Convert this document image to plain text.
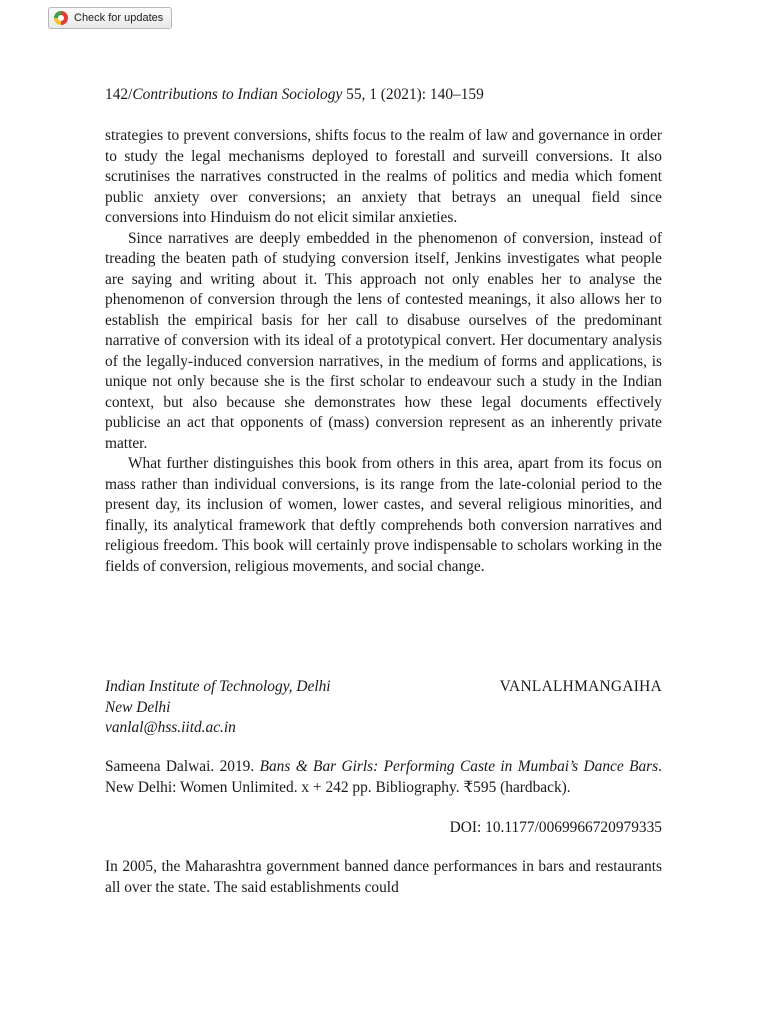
Check for updates
142/Contributions to Indian Sociology 55, 1 (2021): 140–159

strategies to prevent conversions, shifts focus to the realm of law and governance in order to study the legal mechanisms deployed to forestall and surveill conversions. It also scrutinises the narratives constructed in the realms of politics and media which foment public anxiety over conversions; an anxiety that betrays an unequal field since conversions into Hinduism do not elicit similar anxieties.

Since narratives are deeply embedded in the phenomenon of conversion, instead of treading the beaten path of studying conversion itself, Jenkins investigates what people are saying and writing about it. This approach not only enables her to analyse the phenomenon of conversion through the lens of contested meanings, it also allows her to establish the empirical basis for her call to disabuse ourselves of the predominant narrative of conversion with its ideal of a prototypical convert. Her documentary analysis of the legally-induced conversion narratives, in the medium of forms and applications, is unique not only because she is the first scholar to endeavour such a study in the Indian context, but also because she demonstrates how these legal documents effectively publicise an act that opponents of (mass) conversion represent as an inherently private matter.

What further distinguishes this book from others in this area, apart from its focus on mass rather than individual conversions, is its range from the late-colonial period to the present day, its inclusion of women, lower castes, and several religious minorities, and finally, its analytical framework that deftly comprehends both conversion narratives and religious freedom. This book will certainly prove indispensable to scholars working in the fields of conversion, religious movements, and social change.

Indian Institute of Technology, Delhi
New Delhi
vanlal@hss.iitd.ac.in
VANLALHMANGAIHA
Sameena Dalwai. 2019. Bans & Bar Girls: Performing Caste in Mumbai’s Dance Bars. New Delhi: Women Unlimited. x + 242 pp. Bibliography. ₹595 (hardback).
DOI: 10.1177/0069966720979335

In 2005, the Maharashtra government banned dance performances in bars and restaurants all over the state. The said establishments could
